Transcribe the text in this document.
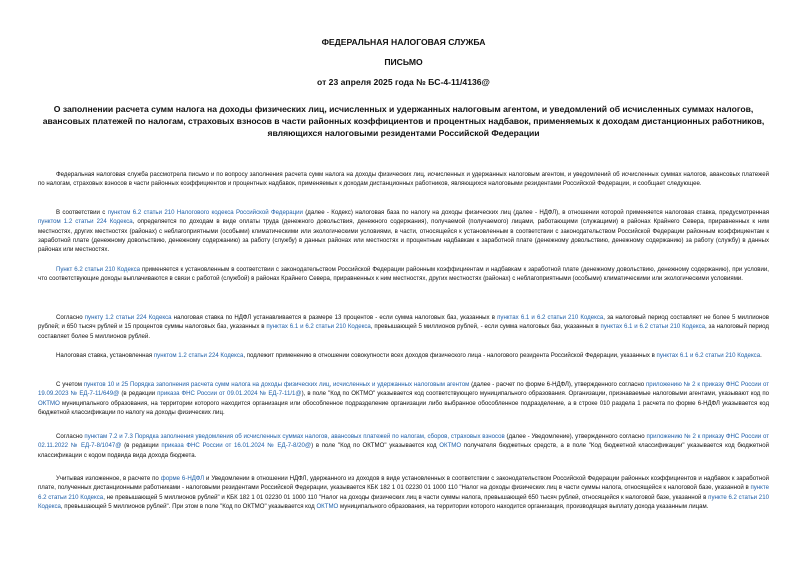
ФЕДЕРАЛЬНАЯ НАЛОГОВАЯ СЛУЖБА
ПИСЬМО
от 23 апреля 2025 года № БС-4-11/4136@
О заполнении расчета сумм налога на доходы физических лиц, исчисленных и удержанных налоговым агентом, и уведомлений об исчисленных суммах налогов, авансовых платежей по налогам, страховых взносов в части районных коэффициентов и процентных надбавок, применяемых к доходам дистанционных работников, являющихся налоговыми резидентами Российской Федерации
Федеральная налоговая служба рассмотрела письмо и по вопросу заполнения расчета сумм налога на доходы физических лиц, исчисленных и удержанных налоговым агентом, и уведомлений об исчисленных суммах налогов, авансовых платежей по налогам, страховых взносов в части районных коэффициентов и процентных надбавок, применяемых к доходам дистанционных работников, являющихся налоговыми резидентами Российской Федерации, и сообщает следующее.
В соответствии с пунктом 6.2 статьи 210 Налогового кодекса Российской Федерации (далее - Кодекс) налоговая база по налогу на доходы физических лиц (далее - НДФЛ), в отношении которой применяется налоговая ставка, предусмотренная пунктом 1.2 статьи 224 Кодекса, определяется по доходам в виде оплаты труда (денежного довольствия, денежного содержания), получаемой (получаемого) лицами, работающими (служащими) в районах Крайнего Севера, приравненных к ним местностях, других местностях (районах) с неблагоприятными (особыми) климатическими или экологическими условиями, в части, относящейся к установленным в соответствии с законодательством Российской Федерации районным коэффициентам к заработной плате (денежному довольствию, денежному содержанию) за работу (службу) в данных районах или местностях и процентным надбавкам к заработной плате (денежному довольствию, денежному содержанию) за работу (службу) в данных районах или местностях.
Пункт 6.2 статьи 210 Кодекса применяется к установленным в соответствии с законодательством Российской Федерации районным коэффициентам и надбавкам к заработной плате (денежному довольствию, денежному содержанию), при условии, что соответствующие доходы выплачиваются в связи с работой (службой) в районах Крайнего Севера, приравненных к ним местностях, других местностях (районах) с неблагоприятными (особыми) климатическими или экологическими условиями.
Согласно пункту 1.2 статьи 224 Кодекса налоговая ставка по НДФЛ устанавливается в размере 13 процентов - если сумма налоговых баз, указанных в пунктах 6.1 и 6.2 статьи 210 Кодекса, за налоговый период составляет не более 5 миллионов рублей; и 650 тысяч рублей и 15 процентов суммы налоговых баз, указанных в пунктах 6.1 и 6.2 статьи 210 Кодекса, превышающей 5 миллионов рублей, - если сумма налоговых баз, указанных в пунктах 6.1 и 6.2 статьи 210 Кодекса, за налоговый период составляет более 5 миллионов рублей.
Налоговая ставка, установленная пунктом 1.2 статьи 224 Кодекса, подлежит применению в отношении совокупности всех доходов физического лица - налогового резидента Российской Федерации, указанных в пунктах 6.1 и 6.2 статьи 210 Кодекса.
С учетом пунктов 10 и 25 Порядка заполнения расчета сумм налога на доходы физических лиц, исчисленных и удержанных налоговым агентом (далее - расчет по форме 6-НДФЛ), утвержденного согласно приложению № 2 к приказу ФНС России от 19.09.2023 № ЕД-7-11/649@ (в редакции приказа ФНС России от 09.01.2024 № ЕД-7-11/1@), в поле "Код по ОКТМО" указывается код соответствующего муниципального образования. Организации, признаваемые налоговыми агентами, указывают код по ОКТМО муниципального образования, на территории которого находится организация или обособленное подразделение организации либо выбранное обособленное подразделение, а в строке 010 раздела 1 расчета по форме 6-НДФЛ указывается код бюджетной классификации по налогу на доходы физических лиц.
Согласно пунктам 7.2 и 7.3 Порядка заполнения уведомления об исчисленных суммах налогов, авансовых платежей по налогам, сборов, страховых взносов (далее - Уведомление), утвержденного согласно приложению № 2 к приказу ФНС России от 02.11.2022 № ЕД-7-8/1047@ (в редакции приказа ФНС России от 16.01.2024 № ЕД-7-8/20@) в поле "Код по ОКТМО" указывается код ОКТМО получателя бюджетных средств, а в поле "Код бюджетной классификации" указывается код бюджетной классификации с кодом подвида вида дохода бюджета.
Учитывая изложенное, в расчете по форме 6-НДФЛ и Уведомлении в отношении НДФЛ, удержанного из доходов в виде установленных в соответствии с законодательством Российской Федерации районных коэффициентов и надбавок к заработной плате, полученных дистанционными работниками - налоговыми резидентами Российской Федерации, указывается КБК 182 1 01 02230 01 1000 110 "Налог на доходы физических лиц в части суммы налога, относящейся к налоговой базе, указанной в пункте 6.2 статьи 210 Кодекса, не превышающей 5 миллионов рублей" и КБК 182 1 01 02230 01 1000 110 "Налог на доходы физических лиц в части суммы налога, превышающей 650 тысяч рублей, относящейся к налоговой базе, указанной в пункте 6.2 статьи 210 Кодекса, превышающей 5 миллионов рублей". При этом в поле "Код по ОКТМО" указывается код ОКТМО муниципального образования, на территории которого находится организация, производящая выплату дохода указанным лицам.
